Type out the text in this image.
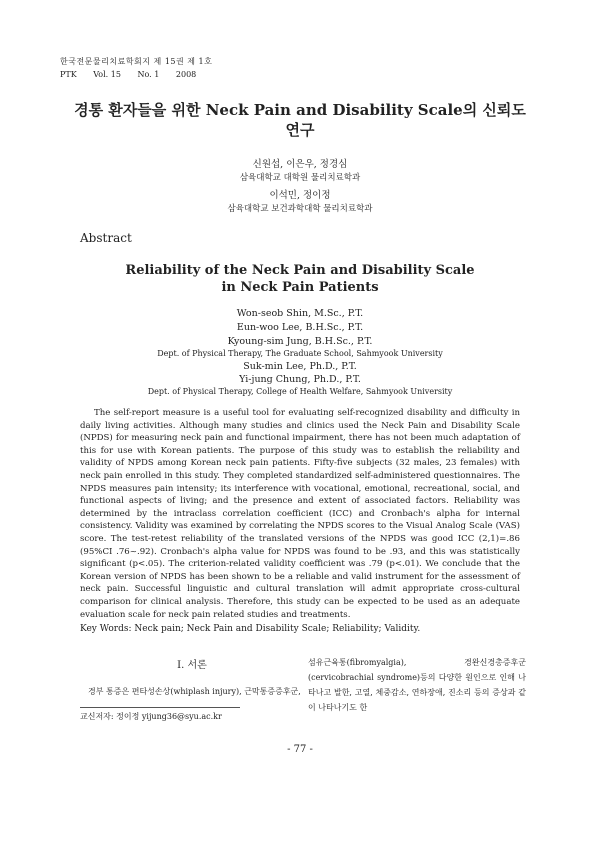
한국전문물리치료학회지 제 15권 제 1호
PTK Vol. 15 No. 1 2008
경통 환자들을 위한 Neck Pain and Disability Scale의 신뢰도
연구
신원섭, 이은우, 정경심
삼육대학교 대학원 물리치료학과
이석민, 정이정
삼육대학교 보건과학대학 물리치료학과
Abstract
Reliability of the Neck Pain and Disability Scale
in Neck Pain Patients
Won-seob Shin, M.Sc., P.T.
Eun-woo Lee, B.H.Sc., P.T.
Kyoung-sim Jung, B.H.Sc., P.T.
Dept. of Physical Therapy, The Graduate School, Sahmyook University
Suk-min Lee, Ph.D., P.T.
Yi-jung Chung, Ph.D., P.T.
Dept. of Physical Therapy, College of Health Welfare, Sahmyook University
The self-report measure is a useful tool for evaluating self-recognized disability and difficulty in daily living activities. Although many studies and clinics used the Neck Pain and Disability Scale (NPDS) for measuring neck pain and functional impairment, there has not been much adaptation of this for use with Korean patients. The purpose of this study was to establish the reliability and validity of NPDS among Korean neck pain patients. Fifty-five subjects (32 males, 23 females) with neck pain enrolled in this study. They completed standardized self-administered questionnaires. The NPDS measures pain intensity; its interference with vocational, emotional, recreational, social, and functional aspects of living; and the presence and extent of associated factors. Reliability was determined by the intraclass correlation coefficient (ICC) and Cronbach's alpha for internal consistency. Validity was examined by correlating the NPDS scores to the Visual Analog Scale (VAS) score. The test-retest reliability of the translated versions of the NPDS was good ICC (2,1)=.86 (95%CI .76~.92). Cronbach's alpha value for NPDS was found to be .93, and this was statistically significant (p<.05). The criterion-related validity coefficient was .79 (p<.01). We conclude that the Korean version of NPDS has been shown to be a reliable and valid instrument for the assessment of neck pain. Successful linguistic and cultural translation will admit appropriate cross-cultural comparison for clinical analysis. Therefore, this study can be expected to be used as an adequate evaluation scale for neck pain related studies and treatments.
Key Words: Neck pain; Neck Pain and Disability Scale; Reliability; Validity.
Ⅰ. 서론
경부 통증은 편타성손상(whiplash injury), 근막통증증후군,
섬유근육통(fibromyalgia), 경완신경총증후군(cervicobrachial syndrome)등의 다양한 원인으로 인해 나타나고 발한, 고열, 체중감소, 연하장애, 진소리 등의 증상과 같이 나타나기도 한
교신저자: 정이정 yijung36@syu.ac.kr
- 77 -
